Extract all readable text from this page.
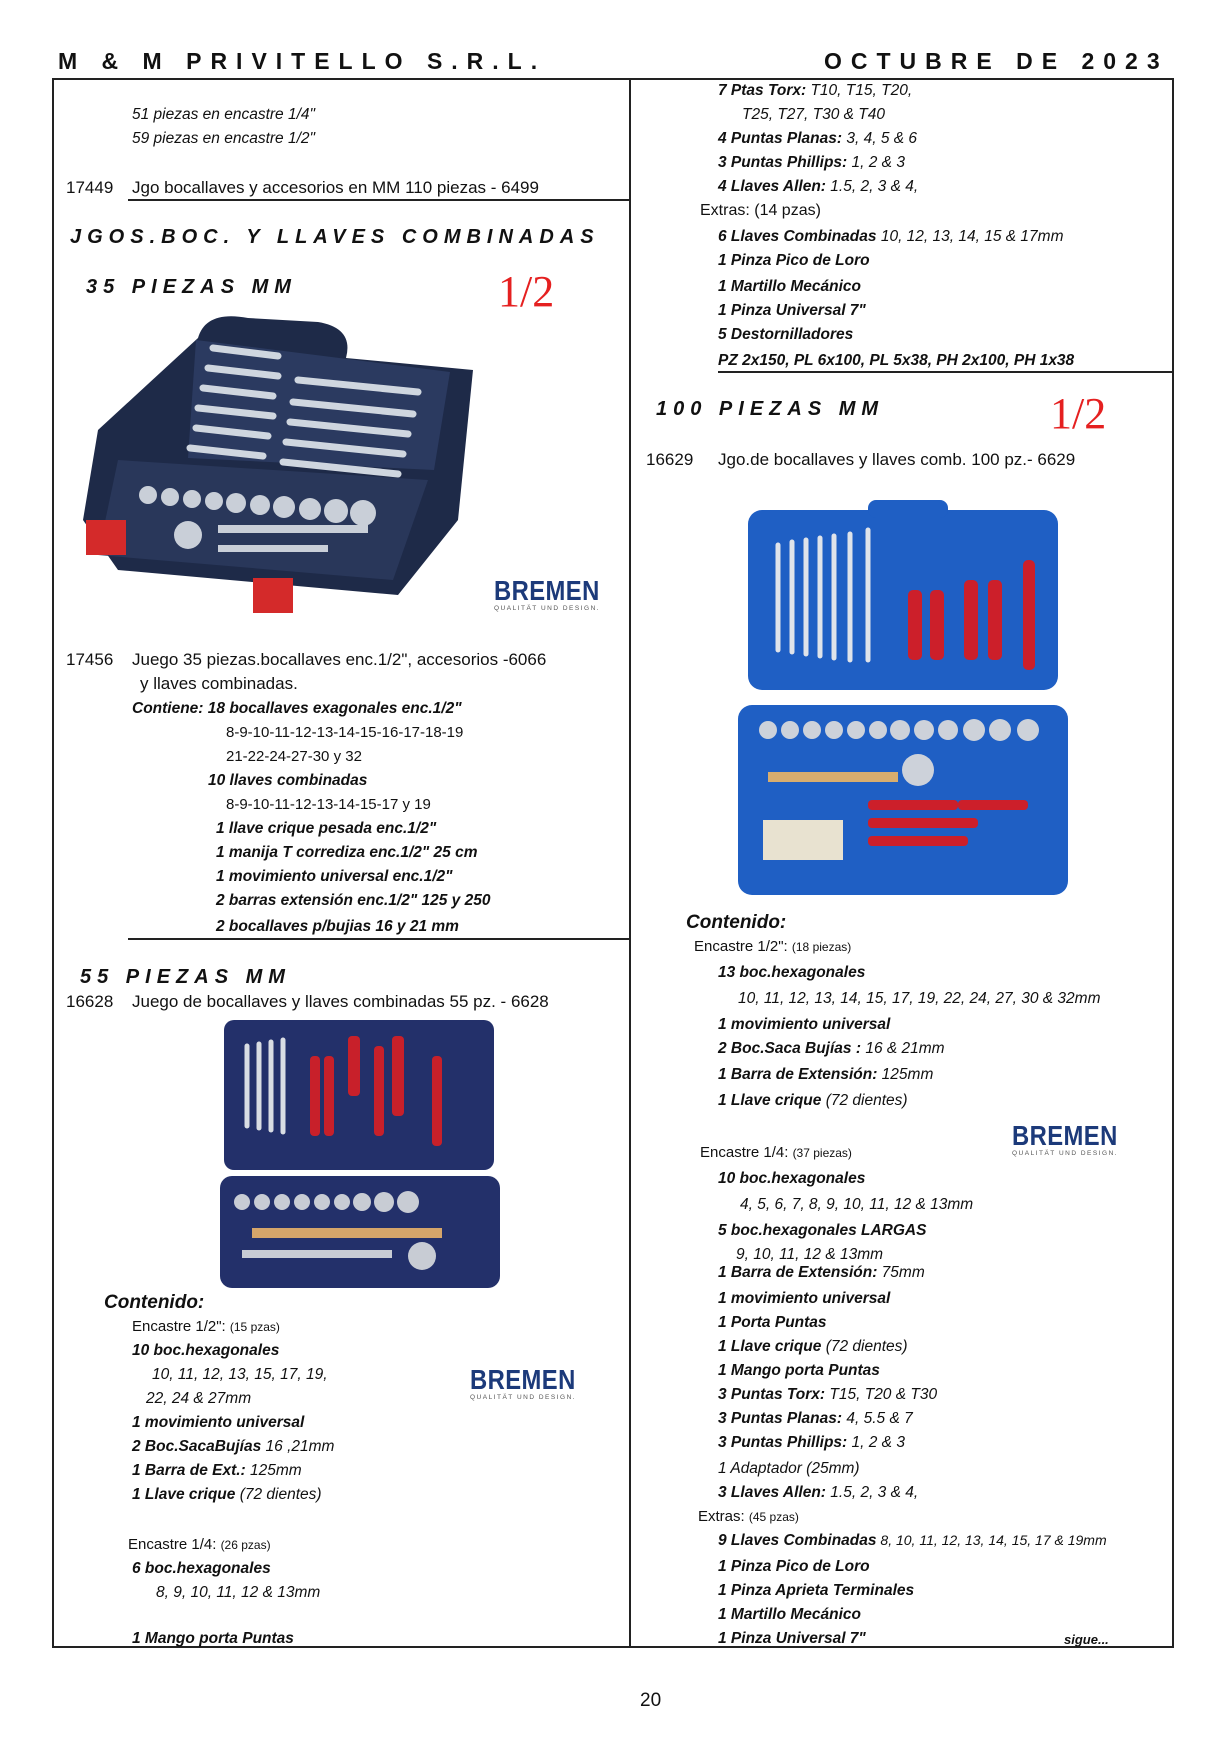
M & M PRIVITELLO S.R.L.	OCTUBRE DE 2023
51 piezas en encastre 1/4"
59 piezas en encastre 1/2"
17449 Jgo bocallaves y accesorios en MM 110 piezas - 6499
JGOS.BOC. Y LLAVES COMBINADAS
35 PIEZAS MM	1/2
BREMEN
QUALITÄT UND DESIGN.
17456 Juego 35 piezas.bocallaves enc.1/2", accesorios -6066
y llaves combinadas.
Contiene: 18 bocallaves exagonales enc.1/2"
8-9-10-11-12-13-14-15-16-17-18-19
21-22-24-27-30 y 32
10 llaves combinadas
8-9-10-11-12-13-14-15-17 y 19
1 llave crique pesada enc.1/2"
1 manija T corrediza enc.1/2" 25 cm
1 movimiento universal enc.1/2"
2 barras extensión enc.1/2" 125 y 250
2 bocallaves p/bujias 16 y 21 mm
55 PIEZAS MM
16628 Juego de bocallaves y llaves combinadas 55 pz. - 6628
Contenido:
Encastre 1/2": (15 pzas)
10 boc.hexagonales
10, 11, 12, 13, 15, 17, 19,
22, 24 & 27mm
1 movimiento universal
2 Boc.SacaBujías 16 ,21mm
1 Barra de Ext.: 125mm
1 Llave crique (72 dientes)
BREMEN
QUALITÄT UND DESIGN.
Encastre 1/4: (26 pzas)
6 boc.hexagonales
8, 9, 10, 11, 12 & 13mm
1 Mango porta Puntas
7 Ptas Torx: T10, T15, T20,
T25, T27, T30 & T40
4 Puntas Planas: 3, 4, 5 & 6
3 Puntas Phillips: 1, 2 & 3
4 Llaves Allen: 1.5, 2, 3 & 4,
Extras: (14 pzas)
6 Llaves Combinadas 10, 12, 13, 14, 15 & 17mm
1 Pinza Pico de Loro
1 Martillo Mecánico
1 Pinza Universal 7"
5 Destornilladores
PZ 2x150, PL 6x100, PL 5x38, PH 2x100, PH 1x38
100 PIEZAS MM	1/2
16629 Jgo.de bocallaves y llaves comb. 100 pz.- 6629
Contenido:
Encastre 1/2": (18 piezas)
13 boc.hexagonales
10, 11, 12, 13, 14, 15, 17, 19, 22, 24, 27, 30 & 32mm
1 movimiento universal
2 Boc.Saca Bujías : 16 & 21mm
1 Barra de Extensión: 125mm
1 Llave crique (72 dientes)
BREMEN
QUALITÄT UND DESIGN.
Encastre 1/4: (37 piezas)
10 boc.hexagonales
4, 5, 6, 7, 8, 9, 10, 11, 12 & 13mm
5 boc.hexagonales LARGAS
9, 10, 11, 12 & 13mm
1 Barra de Extensión: 75mm
1 movimiento universal
1 Porta Puntas
1 Llave crique (72 dientes)
1 Mango porta Puntas
3 Puntas Torx: T15, T20 & T30
3 Puntas Planas: 4, 5.5 & 7
3 Puntas Phillips: 1, 2 & 3
1 Adaptador (25mm)
3 Llaves Allen: 1.5, 2, 3 & 4,
Extras: (45 pzas)
9 Llaves Combinadas 8, 10, 11, 12, 13, 14, 15, 17 & 19mm
1 Pinza Pico de Loro
1 Pinza Aprieta Terminales
1 Martillo Mecánico
1 Pinza Universal 7"	sigue...
20
